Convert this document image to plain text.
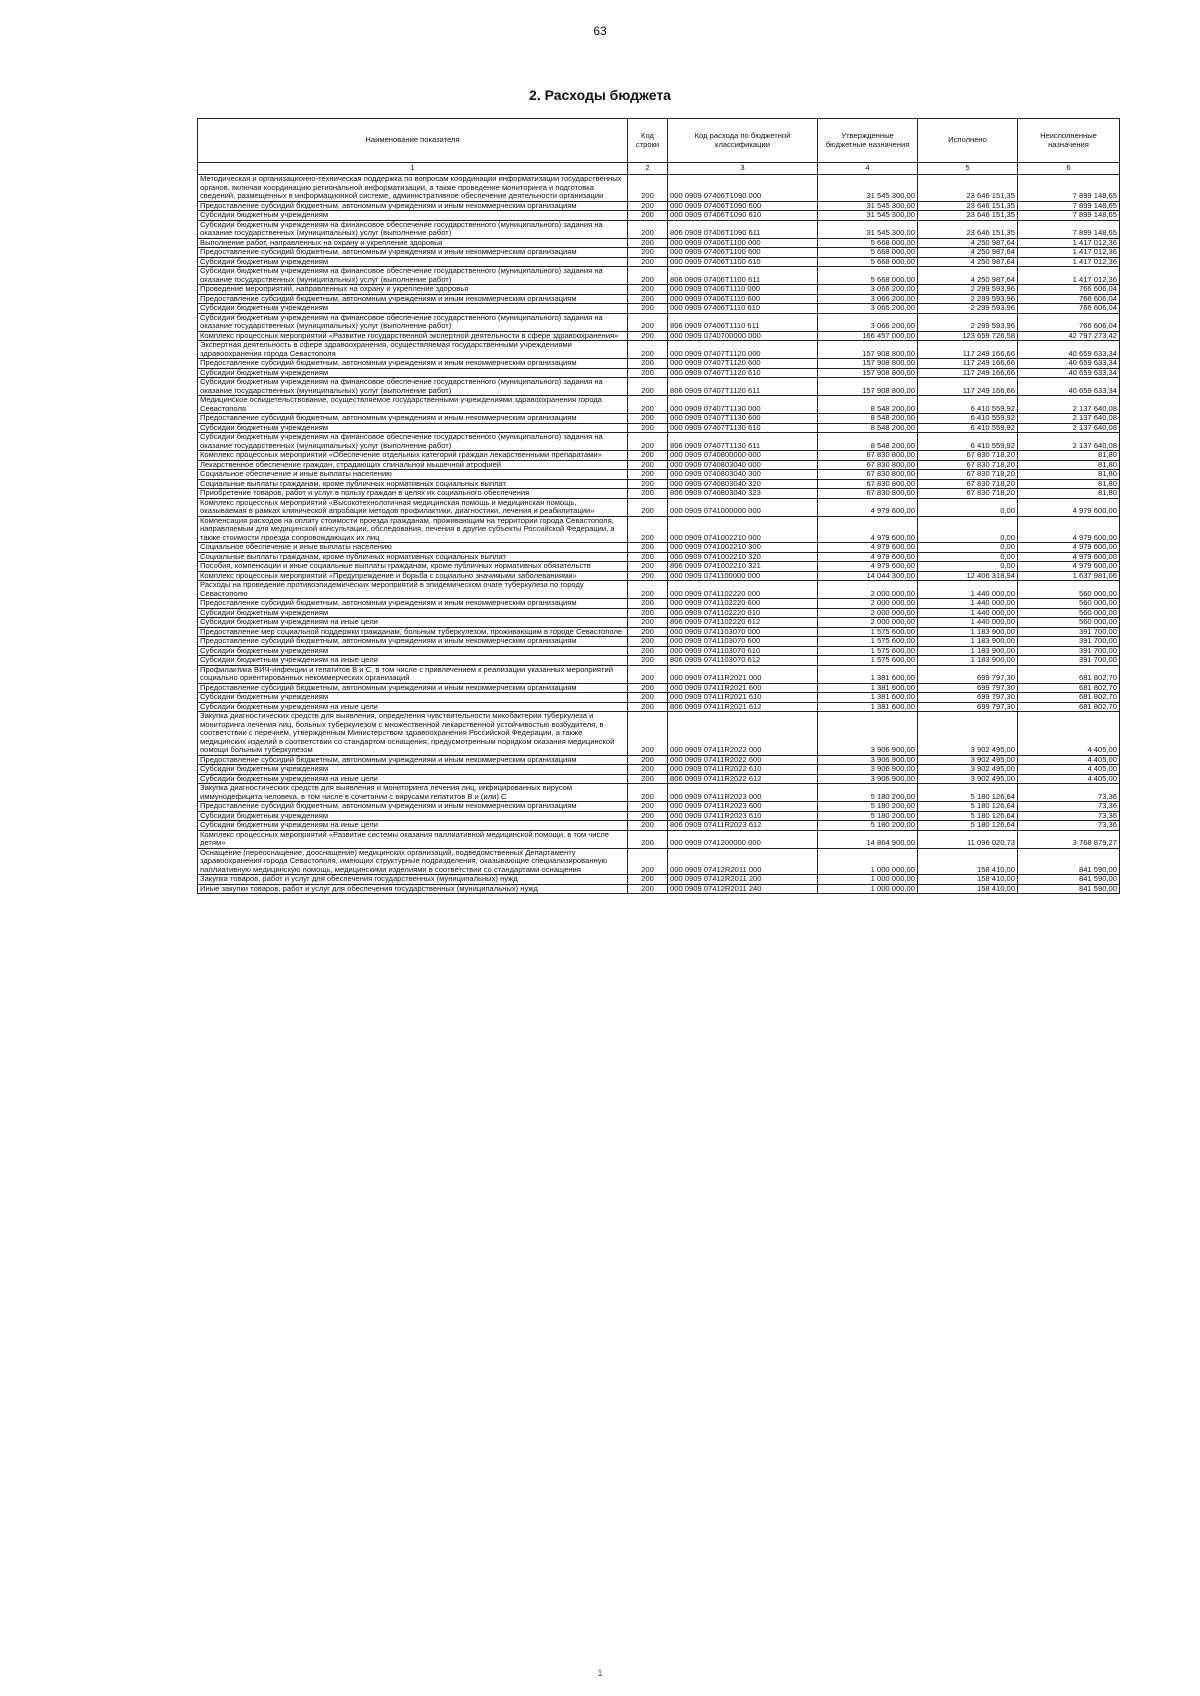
63
2. Расходы бюджета
Наименование показателя	Код строки	Код расхода по бюджетной классификации	Утвержденные бюджетные назначения	Исполнено	Неисполненные назначения
1	2	3	4	5	6
Методическая и организационно-техническая поддержка по вопросам координации информатизации государственных органов, включая координацию региональной информатизации, а также проведение мониторинга и подготовка сведений, размещенных в информационной системе, административное обеспечение деятельности организации	200	000 0909 07406Т1090 000	31 545 300,00	23 646 151,35	7 899 148,65
Предоставление субсидий бюджетным, автономным учреждениям и иным некоммерческим организациям	200	000 0909 07406Т1090 600	31 545 300,00	23 646 151,35	7 899 148,65
Субсидии бюджетным учреждениям	200	000 0909 07406Т1090 610	31 545 300,00	23 646 151,35	7 899 148,65
Субсидии бюджетным учреждениям на финансовое обеспечение государственного (муниципального) задания на оказание государственных (муниципальных) услуг (выполнение работ)	200	806 0909 07406Т1090 611	31 545 300,00	23 646 151,35	7 899 148,65
Выполнение работ, направленных на охрану и укрепление здоровья	200	000 0909 07406Т1100 000	5 668 000,00	4 250 987,64	1 417 012,36
Предоставление субсидий бюджетным, автономным учреждениям и иным некоммерческим организациям	200	000 0909 07406Т1100 600	5 668 000,00	4 250 987,64	1 417 012,36
Субсидии бюджетным учреждениям	200	000 0909 07406Т1100 610	5 668 000,00	4 250 987,64	1 417 012,36
Субсидии бюджетным учреждениям на финансовое обеспечение государственного (муниципального) задания на оказание государственных (муниципальных) услуг (выполнение работ)	200	806 0909 07406Т1100 611	5 668 000,00	4 250 987,64	1 417 012,36
Проведение мероприятий, направленных на охрану и укрепление здоровья	200	000 0909 07406Т1110 000	3 066 200,00	2 299 593,96	766 606,04
Предоставление субсидий бюджетным, автономным учреждениям и иным некоммерческим организациям	200	000 0909 07406Т1110 600	3 066 200,00	2 299 593,96	766 606,04
Субсидии бюджетным учреждениям	200	000 0909 07406Т1110 610	3 066 200,00	2 299 593,96	766 606,04
Субсидии бюджетным учреждениям на финансовое обеспечение государственного (муниципального) задания на оказание государственных (муниципальных) услуг (выполнение работ)	200	806 0909 07406Т1110 611	3 066 200,00	2 299 593,96	766 606,04
Комплекс процессных мероприятий «Развитие государственной экспертной деятельности в сфере здравоохранения»	200	000 0909 0740700000 000	166 457 000,00	123 659 726,58	42 797 273,42
Экспертная деятельность в сфере здравоохранения, осуществляемая государственными учреждениями здравоохранения города Севастополя	200	000 0909 07407Т1120 000	157 908 800,00	117 249 166,66	40 659 633,34
Предоставление субсидий бюджетным, автономным учреждениям и иным некоммерческим организациям	200	000 0909 07407Т1120 600	157 908 800,00	117 249 166,66	40 659 633,34
Субсидии бюджетным учреждениям	200	000 0909 07407Т1120 610	157 908 800,00	117 249 166,66	40 659 633,34
Субсидии бюджетным учреждениям на финансовое обеспечение государственного (муниципального) задания на оказание государственных (муниципальных) услуг (выполнение работ)	200	806 0909 07407Т1120 611	157 908 800,00	117 249 166,66	40 659 633,34
Медицинское освидетельствование, осуществляемое государственными учреждениями здравоохранения города Севастополя	200	000 0909 07407Т1130 000	8 548 200,00	6 410 559,92	2 137 640,08
Предоставление субсидий бюджетным, автономным учреждениям и иным некоммерческим организациям	200	000 0909 07407Т1130 600	8 548 200,00	6 410 559,92	2 137 640,08
Субсидии бюджетным учреждениям	200	000 0909 07407Т1130 610	8 548 200,00	6 410 559,92	2 137 640,08
Субсидии бюджетным учреждениям на финансовое обеспечение государственного (муниципального) задания на оказание государственных (муниципальных) услуг (выполнение работ)	200	806 0909 07407Т1130 611	8 548 200,00	6 410 559,92	2 137 640,08
Комплекс процессных мероприятий «Обеспечение отдельных категорий граждан лекарственными препаратами»	200	000 0909 0740800000 000	67 830 800,00	67 830 718,20	81,80
Лекарственное обеспечение граждан, страдающих спинальной мышечной атрофией	200	000 0909 0740803040 000	67 830 800,00	67 830 718,20	81,80
Социальное обеспечение и иные выплаты населению	200	000 0909 0740803040 300	67 830 800,00	67 830 718,20	81,80
Социальные выплаты гражданам, кроме публичных нормативных социальных выплат	200	000 0909 0740803040 320	67 830 800,00	67 830 718,20	81,80
Приобретение товаров, работ и услуг в пользу граждан в целях их социального обеспечения	200	806 0909 0740803040 323	67 830 800,00	67 830 718,20	81,80
Комплекс процессных мероприятий «Высокотехнологичная медицинская помощь и медицинская помощь, оказываемая в рамках клинической апробации методов профилактики, диагностики, лечения и реабилитации»	200	000 0909 0741000000 000	4 979 600,00	0,00	4 979 600,00
Компенсация расходов на оплату стоимости проезда гражданам, проживающим на территории города Севастополя, направляемым для медицинской консультации, обследования, лечения в другие субъекты Российской Федерации, а также стоимости проезда сопровождающих их лиц	200	000 0909 0741002210 000	4 979 600,00	0,00	4 979 600,00
Социальное обеспечение и иные выплаты населению	200	000 0909 0741002210 300	4 979 600,00	0,00	4 979 600,00
Социальные выплаты гражданам, кроме публичных нормативных социальных выплат	200	000 0909 0741002210 320	4 979 600,00	0,00	4 979 600,00
Пособия, компенсации и иные социальные выплаты гражданам, кроме публичных нормативных обязательств	200	806 0909 0741002210 321	4 979 600,00	0,00	4 979 600,00
Комплекс процессных мероприятий «Предупреждение и борьба с социально значимыми заболеваниями»	200	000 0909 0741100000 000	14 044 300,00	12 406 318,94	1 637 981,06
Расходы на проведение противоэпидемических мероприятий в эпидемическом очаге туберкулеза по городу Севастополю	200	000 0909 0741102220 000	2 000 000,00	1 440 000,00	560 000,00
Предоставление субсидий бюджетным, автономным учреждениям и иным некоммерческим организациям	200	000 0909 0741102220 600	2 000 000,00	1 440 000,00	560 000,00
Субсидии бюджетным учреждениям	200	000 0909 0741102220 610	2 000 000,00	1 440 000,00	560 000,00
Субсидии бюджетным учреждениям на иные цели	200	806 0909 0741102220 612	2 000 000,00	1 440 000,00	560 000,00
Предоставление мер социальной поддержки гражданам, больным туберкулезом, проживающим в городе Севастополе	200	000 0909 0741103070 000	1 575 600,00	1 183 900,00	391 700,00
Предоставление субсидий бюджетным, автономным учреждениям и иным некоммерческим организациям	200	000 0909 0741103070 600	1 575 600,00	1 183 900,00	391 700,00
Субсидии бюджетным учреждениям	200	000 0909 0741103070 610	1 575 600,00	1 183 900,00	391 700,00
Субсидии бюджетным учреждениям на иные цели	200	806 0909 0741103070 612	1 575 600,00	1 183 900,00	391 700,00
Профилактика ВИЧ-инфекции и гепатитов В и С, в том числе с привлечением к реализации указанных мероприятий социально ориентированных некоммерческих организаций	200	000 0909 07411R2021 000	1 381 600,00	699 797,30	681 802,70
Предоставление субсидий бюджетным, автономным учреждениям и иным некоммерческим организациям	200	000 0909 07411R2021 600	1 381 600,00	699 797,30	681 802,70
Субсидии бюджетным учреждениям	200	000 0909 07411R2021 610	1 381 600,00	699 797,30	681 802,70
Субсидии бюджетным учреждениям на иные цели	200	806 0909 07411R2021 612	1 381 600,00	699 797,30	681 802,70
Закупка диагностических средств для выявления, определения чувствительности микобактерии туберкулеза и мониторинга лечения лиц, больных туберкулезом с множественной лекарственной устойчивостью возбудителя, в соответствии с перечнем, утвержденным Министерством здравоохранения Российской Федерации, а также медицинских изделий в соответствии со стандартом оснащения, предусмотренным порядком оказания медицинской помощи больным туберкулезом	200	000 0909 07411R2022 000	3 906 900,00	3 902 495,00	4 405,00
Предоставление субсидий бюджетным, автономным учреждениям и иным некоммерческим организациям	200	000 0909 07411R2022 600	3 906 900,00	3 902 495,00	4 405,00
Субсидии бюджетным учреждениям	200	000 0909 07411R2022 610	3 906 900,00	3 902 495,00	4 405,00
Субсидии бюджетным учреждениям на иные цели	200	806 0909 07411R2022 612	3 906 900,00	3 902 495,00	4 405,00
Закупка диагностических средств для выявления и мониторинга лечения лиц, инфицированных вирусом иммунодефицита человека, в том числе в сочетании с вирусами гепатитов В и (или) С	200	000 0909 07411R2023 000	5 180 200,00	5 180 126,64	73,36
Предоставление субсидий бюджетным, автономным учреждениям и иным некоммерческим организациям	200	000 0909 07411R2023 600	5 180 200,00	5 180 126,64	73,36
Субсидии бюджетным учреждениям	200	000 0909 07411R2023 610	5 180 200,00	5 180 126,64	73,36
Субсидии бюджетным учреждениям на иные цели	200	806 0909 07411R2023 612	5 180 200,00	5 180 126,64	73,36
Комплекс процессных мероприятий «Развитие системы оказания паллиативной медицинской помощи, в том числе детям»	200	000 0909 0741200000 000	14 864 900,00	11 096 020,73	3 768 879,27
Оснащение (переоснащение, дооснащение) медицинских организаций, подведомственных Департаменту здравоохранения города Севастополя, имеющих структурные подразделения, оказывающие специализированную паллиативную медицинскую помощь, медицинскими изделиями в соответствии со стандартами оснащения	200	000 0909 07412R2011 000	1 000 000,00	158 410,00	841 590,00
Закупка товаров, работ и услуг для обеспечения государственных (муниципальных) нужд	200	000 0909 07412R2011 200	1 000 000,00	158 410,00	841 590,00
Иные закупки товаров, работ и услуг для обеспечения государственных (муниципальных) нужд	200	000 0909 07412R2011 240	1 000 000,00	158 410,00	841 590,00
1
